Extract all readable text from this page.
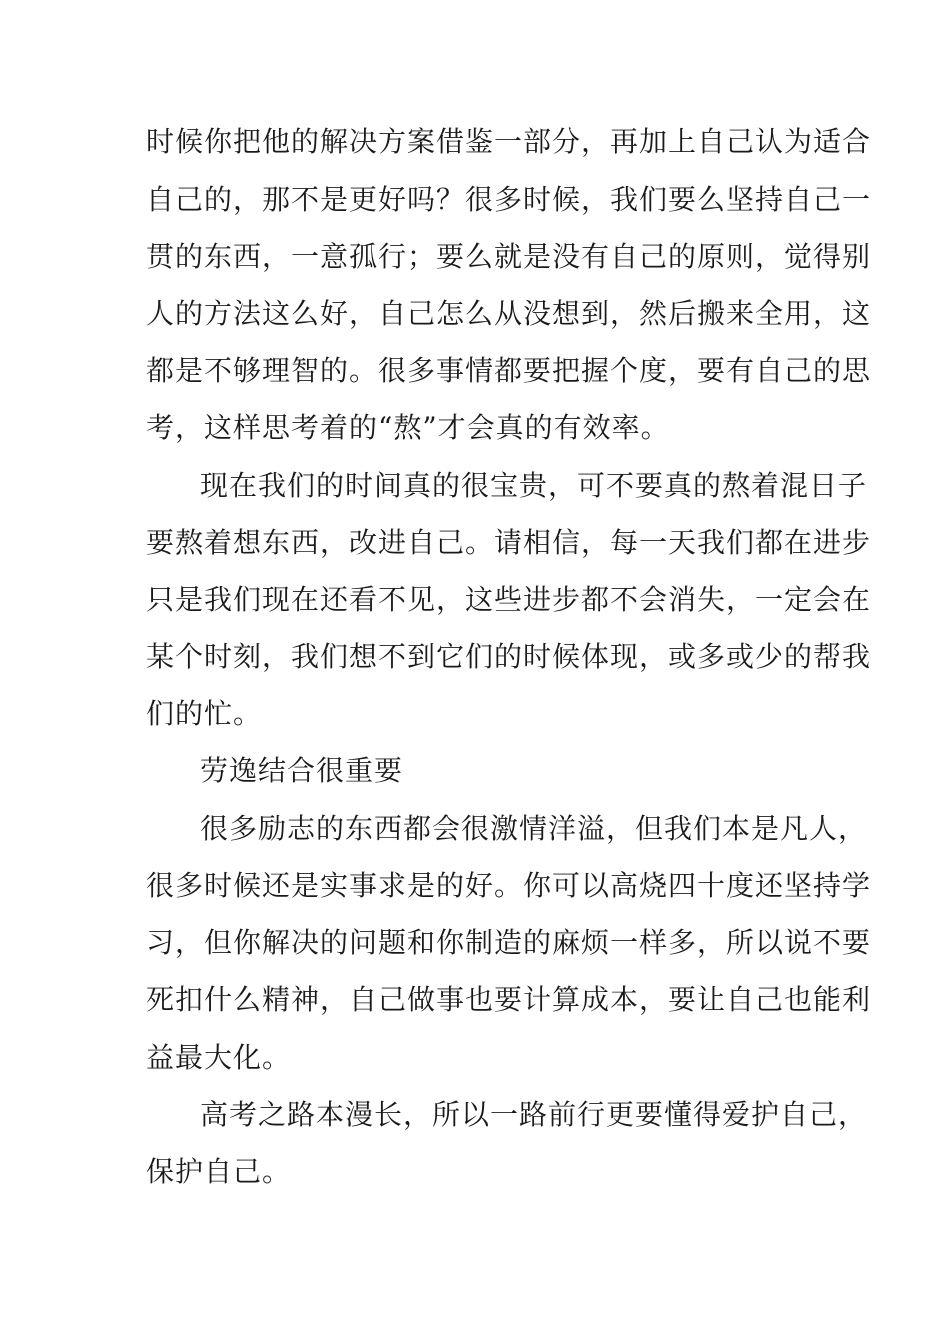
时候你把他的解决方案借鉴一部分，再加上自己认为适合
自己的，那不是更好吗？很多时候，我们要么坚持自己一
贯的东西，一意孤行；要么就是没有自己的原则，觉得别
人的方法这么好，自己怎么从没想到，然后搬来全用，这
都是不够理智的。很多事情都要把握个度，要有自己的思
考，这样思考着的“熬”才会真的有效率。
现在我们的时间真的很宝贵，可不要真的熬着混日子
要熬着想东西，改进自己。请相信，每一天我们都在进步
只是我们现在还看不见，这些进步都不会消失，一定会在
某个时刻，我们想不到它们的时候体现，或多或少的帮我
们的忙。
劳逸结合很重要
很多励志的东西都会很激情洋溢，但我们本是凡人，
很多时候还是实事求是的好。你可以高烧四十度还坚持学
习，但你解决的问题和你制造的麻烦一样多，所以说不要
死扣什么精神，自己做事也要计算成本，要让自己也能利
益最大化。
高考之路本漫长，所以一路前行更要懂得爱护自己，
保护自己。
